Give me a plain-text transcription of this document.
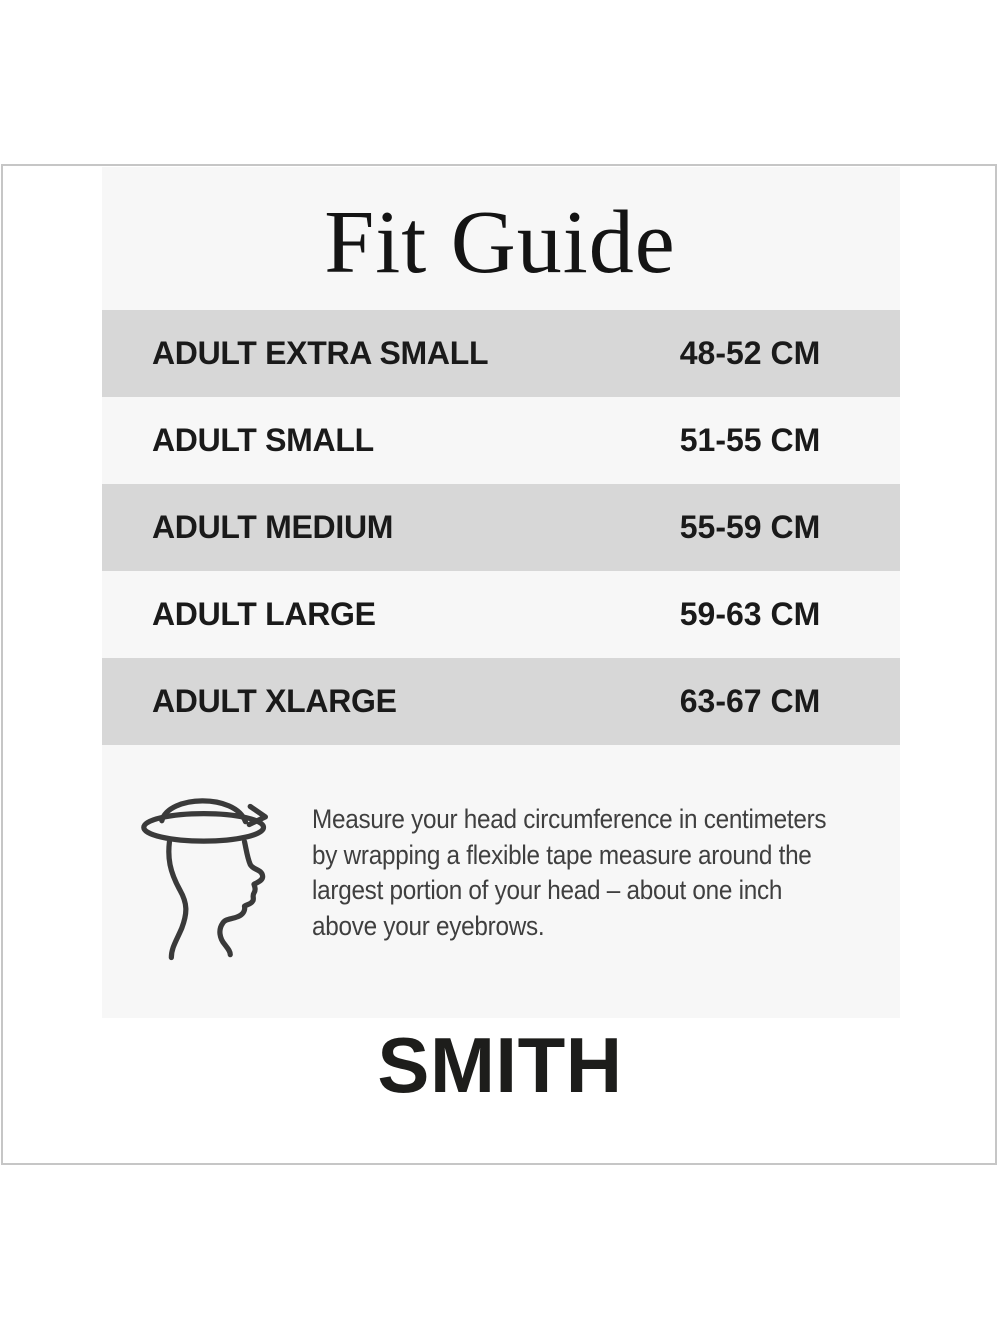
Fit Guide
ADULT EXTRA SMALL	48-52 CM
ADULT SMALL	51-55 CM
ADULT MEDIUM	55-59 CM
ADULT LARGE	59-63 CM
ADULT XLARGE	63-67 CM
Measure your head circumference in centimeters
by wrapping a flexible tape measure around the
largest portion of your head – about one inch
above your eyebrows.
SMITH
